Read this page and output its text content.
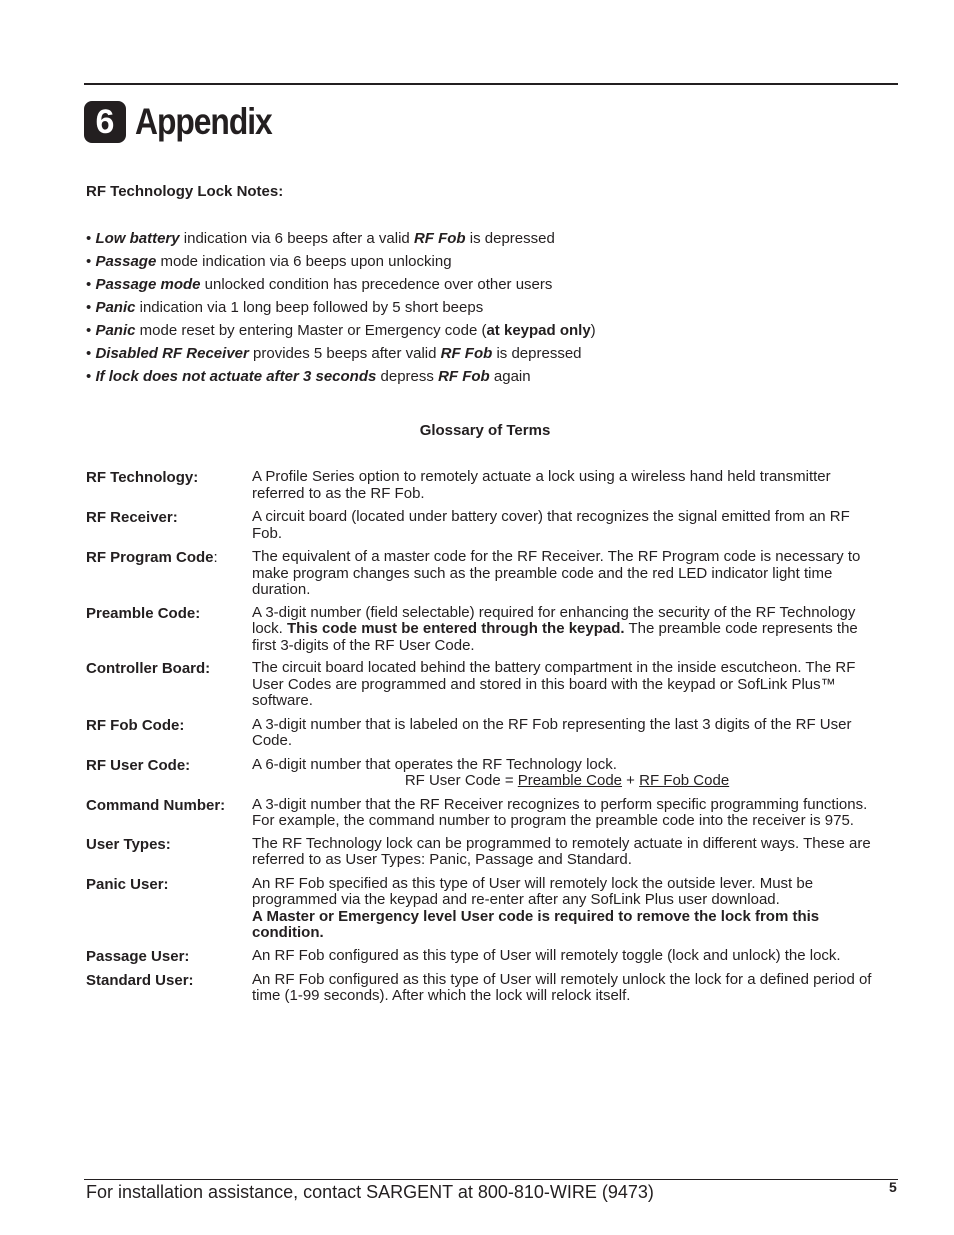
6 Appendix
RF Technology Lock Notes:
• Low battery indication via 6 beeps after a valid RF Fob is depressed
• Passage mode indication via 6 beeps upon unlocking
• Passage mode unlocked condition has precedence over other users
• Panic indication via 1 long beep followed by 5 short beeps
• Panic mode reset by entering Master or Emergency code (at keypad only)
• Disabled RF Receiver provides 5 beeps after valid RF Fob is depressed
• If lock does not actuate after 3 seconds depress RF Fob again
Glossary of Terms
RF Technology:	A Profile Series option to remotely actuate a lock using a wireless hand held transmitter referred to as the RF Fob.
RF Receiver:	A circuit board (located under battery cover) that recognizes the signal emitted from an RF Fob.
RF Program Code:	The equivalent of a master code for the RF Receiver. The RF Program code is necessary to make program changes such as the preamble code and the red LED indicator light time duration.
Preamble Code:	A 3-digit number (field selectable) required for enhancing the security of the RF Technology lock. This code must be entered through the keypad. The preamble code represents the first 3-digits of the RF User Code.
Controller Board:	The circuit board located behind the battery compartment in the inside escutcheon. The RF User Codes are programmed and stored in this board with the keypad or SofLink Plus™ software.
RF Fob Code:	A 3-digit number that is labeled on the RF Fob representing the last 3 digits of the RF User Code.
RF User Code:	A 6-digit number that operates the RF Technology lock.

RF User Code = Preamble Code + RF Fob Code

Command Number:	A 3-digit number that the RF Receiver recognizes to perform specific programming functions. For example, the command number to program the preamble code into the receiver is 975.
User Types:	The RF Technology lock can be programmed to remotely actuate in different ways. These are referred to as User Types: Panic, Passage and Standard.
Panic User:	An RF Fob specified as this type of User will remotely lock the outside lever. Must be programmed via the keypad and re-enter after any SofLink Plus user download.

A Master or Emergency level User code is required to remove the lock from this condition.

Passage User:	An RF Fob configured as this type of User will remotely toggle (lock and unlock) the lock.
Standard User:	An RF Fob configured as this type of User will remotely unlock the lock for a defined period of time (1-99 seconds). After which the lock will relock itself.
For installation assistance, contact SARGENT at 800-810-WIRE (9473)	5
